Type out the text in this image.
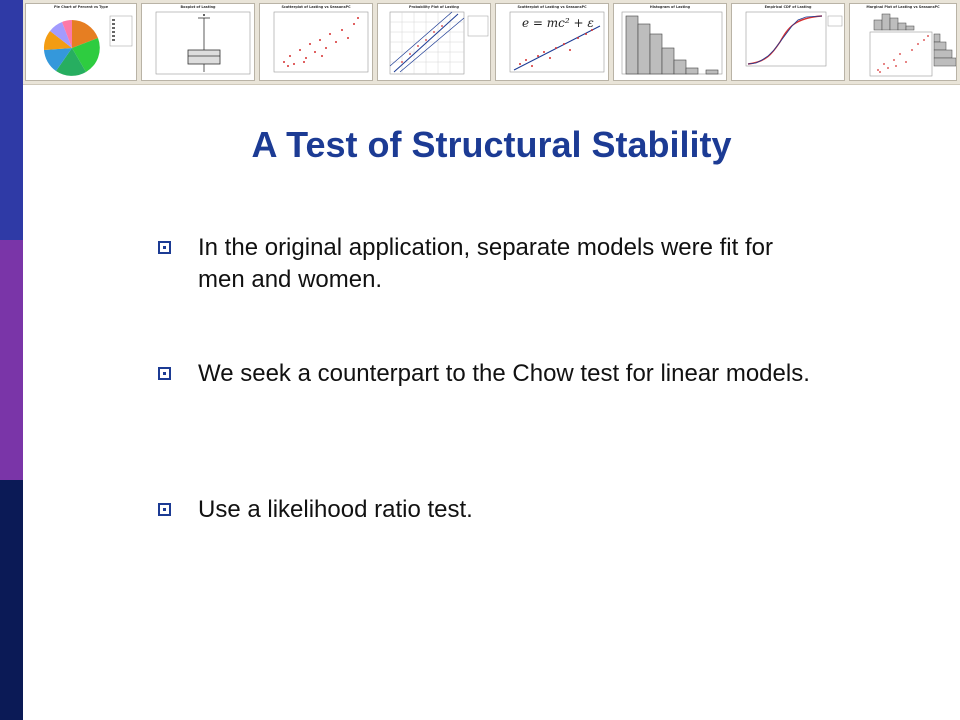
Pie Chart of Percent vs Type	Boxplot of Lasting	Scatterplot of Lasting vs SeasonsPC	Probability Plot of Lasting	Scatterplot of Lasting vs SeasonsPC
e = mc² + ε
Histogram of Lasting	Empirical CDF of Lasting	Marginal Plot of Lasting vs SeasonsPC
A Test of Structural Stability
In the original application, separate models were fit for men and women.
We seek a counterpart to the Chow test for linear models.
Use a likelihood ratio test.
